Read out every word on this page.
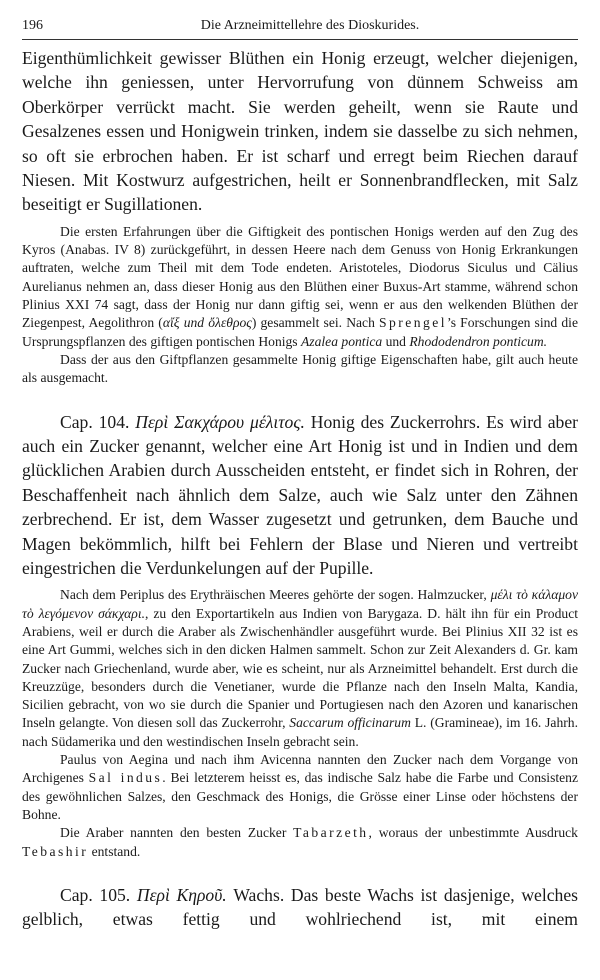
196	Die Arzneimittellehre des Dioskurides.

Eigenthümlichkeit gewisser Blüthen ein Honig erzeugt, welcher diejenigen, welche ihn geniessen, unter Hervorrufung von dünnem Schweiss am Oberkörper verrückt macht. Sie werden geheilt, wenn sie Raute und Gesalzenes essen und Honigwein trinken, indem sie dasselbe zu sich nehmen, so oft sie erbrochen haben. Er ist scharf und erregt beim Riechen darauf Niesen. Mit Kostwurz aufgestrichen, heilt er Sonnenbrandflecken, mit Salz beseitigt er Sugillationen.

Die ersten Erfahrungen über die Giftigkeit des pontischen Honigs werden auf den Zug des Kyros (Anabas. IV 8) zurückgeführt, in dessen Heere nach dem Genuss von Honig Erkrankungen auftraten, welche zum Theil mit dem Tode endeten. Aristoteles, Diodorus Siculus und Cälius Aurelianus nehmen an, dass dieser Honig aus den Blüthen einer Buxus-Art stamme, während schon Plinius XXI 74 sagt, dass der Honig nur dann giftig sei, wenn er aus den welkenden Blüthen der Ziegenpest, Aegolithron (αἴξ und ὄλεθρος) gesammelt sei. Nach Sprengel’s Forschungen sind die Ursprungspflanzen des giftigen pontischen Honigs Azalea pontica und Rhododendron ponticum.

Dass der aus den Giftpflanzen gesammelte Honig giftige Eigenschaften habe, gilt auch heute als ausgemacht.

Cap. 104. Περὶ Σακχάρου μέλιτος. Honig des Zuckerrohrs. Es wird aber auch ein Zucker genannt, welcher eine Art Honig ist und in Indien und dem glücklichen Arabien durch Ausscheiden entsteht, er findet sich in Rohren, der Beschaffenheit nach ähnlich dem Salze, auch wie Salz unter den Zähnen zerbrechend. Er ist, dem Wasser zugesetzt und getrunken, dem Bauche und Magen bekömmlich, hilft bei Fehlern der Blase und Nieren und vertreibt eingestrichen die Verdunkelungen auf der Pupille.

Nach dem Periplus des Erythräischen Meeres gehörte der sogen. Halmzucker, μέλι τὸ κάλαμον τὸ λεγόμενον σάκχαρι., zu den Exportartikeln aus Indien von Barygaza. D. hält ihn für ein Product Arabiens, weil er durch die Araber als Zwischenhändler ausgeführt wurde. Bei Plinius XII 32 ist es eine Art Gummi, welches sich in den dicken Halmen sammelt. Schon zur Zeit Alexanders d. Gr. kam Zucker nach Griechenland, wurde aber, wie es scheint, nur als Arzneimittel behandelt. Erst durch die Kreuzzüge, besonders durch die Venetianer, wurde die Pflanze nach den Inseln Malta, Kandia, Sicilien gebracht, von wo sie durch die Spanier und Portugiesen nach den Azoren und kanarischen Inseln gelangte. Von diesen soll das Zuckerrohr, Saccarum officinarum L. (Gramineae), im 16. Jahrh. nach Südamerika und den westindischen Inseln gebracht sein.

Paulus von Aegina und nach ihm Avicenna nannten den Zucker nach dem Vorgange von Archigenes Sal indus. Bei letzterem heisst es, das indische Salz habe die Farbe und Consistenz des gewöhnlichen Salzes, den Geschmack des Honigs, die Grösse einer Linse oder höchstens der Bohne.

Die Araber nannten den besten Zucker Tabarzeth, woraus der unbestimmte Ausdruck Tebashir entstand.

Cap. 105. Περὶ Κηροῦ. Wachs. Das beste Wachs ist dasjenige, welches gelblich, etwas fettig und wohlriechend ist, mit einem
